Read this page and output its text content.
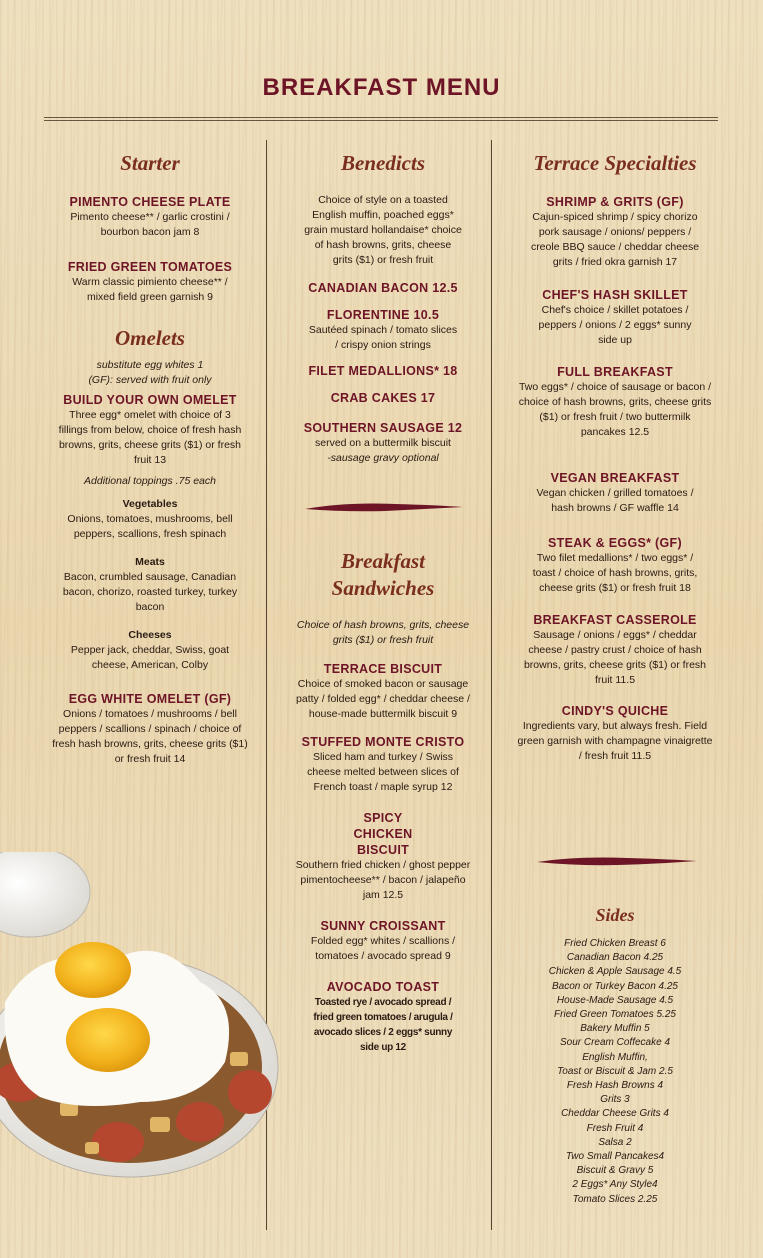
BREAKFAST MENU

Starter

PIMENTO CHEESE PLATE

Pimento cheese** / garlic crostini / bourbon bacon jam 8

FRIED GREEN TOMATOES

Warm classic pimiento cheese** / mixed field green garnish 9

Omelets

substitute egg whites 1

(GF): served with fruit only

BUILD YOUR OWN OMELET

Three egg* omelet with choice of 3 fillings from below, choice of fresh hash browns, grits, cheese grits ($1) or fresh fruit 13

Additional toppings .75 each

Vegetables

Onions, tomatoes, mushrooms, bell peppers, scallions, fresh spinach

Meats

Bacon, crumbled sausage, Canadian bacon, chorizo, roasted turkey, turkey bacon

Cheeses

Pepper jack, cheddar, Swiss, goat cheese, American, Colby

EGG WHITE OMELET (GF)

Onions / tomatoes / mushrooms / bell peppers / scallions / spinach / choice of fresh hash browns, grits, cheese grits ($1) or fresh fruit 14

Benedicts

Choice of style on a toasted English muffin, poached eggs* grain mustard hollandaise* choice of hash browns, grits, cheese grits ($1) or fresh fruit

CANADIAN BACON 12.5

FLORENTINE 10.5

Sautéed spinach / tomato slices / crispy onion strings

FILET MEDALLIONS* 18

CRAB CAKES 17

SOUTHERN SAUSAGE 12

served on a buttermilk biscuit

-sausage gravy optional

Breakfast

Sandwiches

Choice of hash browns, grits, cheese grits ($1) or fresh fruit

TERRACE BISCUIT

Choice of smoked bacon or sausage patty / folded egg* / cheddar cheese / house-made buttermilk biscuit 9

STUFFED MONTE CRISTO

Sliced ham and turkey / Swiss cheese melted between slices of French toast / maple syrup 12

SPICY CHICKEN BISCUIT

Southern fried chicken / ghost pepper pimentocheese** / bacon / jalapeño jam 12.5

SUNNY CROISSANT

Folded egg* whites / scallions / tomatoes / avocado spread 9

AVOCADO TOAST

Toasted rye / avocado spread / fried green tomatoes / arugula / avocado slices / 2 eggs* sunny side up 12

Terrace Specialties

SHRIMP & GRITS (GF)

Cajun-spiced shrimp / spicy chorizo pork sausage / onions/ peppers / creole BBQ sauce / cheddar cheese grits / fried okra garnish 17

CHEF'S HASH SKILLET

Chef's choice / skillet potatoes / peppers / onions / 2 eggs* sunny side up

FULL BREAKFAST

Two eggs* / choice of sausage or bacon / choice of hash browns, grits, cheese grits ($1) or fresh fruit / two buttermilk pancakes 12.5

VEGAN BREAKFAST

Vegan chicken / grilled tomatoes / hash browns / GF waffle 14

STEAK & EGGS* (GF)

Two filet medallions* / two eggs* / toast / choice of hash browns, grits, cheese grits ($1) or fresh fruit 18

BREAKFAST CASSEROLE

Sausage / onions / eggs* / cheddar cheese / pastry crust / choice of hash browns, grits, cheese grits ($1) or fresh fruit 11.5

CINDY'S QUICHE

Ingredients vary, but always fresh. Field green garnish with champagne vinaigrette / fresh fruit 11.5

Sides

Fried Chicken Breast 6

Canadian Bacon 4.25

Chicken & Apple Sausage 4.5

Bacon or Turkey Bacon 4.25

House-Made Sausage 4.5

Fried Green Tomatoes 5.25

Bakery Muffin 5

Sour Cream Coffecake 4

English Muffin,

Toast or Biscuit & Jam 2.5

Fresh Hash Browns 4

Grits 3

Cheddar Cheese Grits 4

Fresh Fruit 4

Salsa 2

Two Small Pancakes4

Biscuit & Gravy 5

2 Eggs* Any Style4

Tomato Slices 2.25
